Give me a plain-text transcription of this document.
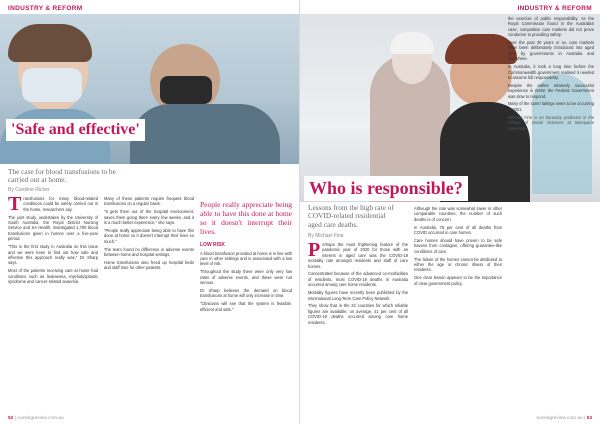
INDUSTRY & REFORM
'Safe and effective'
The case for blood transfusions to be carried out at home.
By Caroline Richer

Transfusions for many blood-related conditions could be safely carried out in the home, researchers say.

The joint study, undertaken by the University of South Australia, the Royal District Nursing Service and SA Health, investigated 1,700 blood transfusions given in homes over a five-year period.

"This is the first study in Australia on this issue and we were keen to find out how safe and effective this approach really was," Dr Sharp says.

Most of the patients receiving care at home had conditions such as leukaemia, myelodysplastic syndrome and cancer-related anaemia.

Many of these patients require frequent blood transfusions on a regular basis.

"It gets them out of the hospital environment, saves them going there every few weeks, and it is a much better experience," she says.

"People really appreciate being able to have this done at home so it doesn't interrupt their lives so much."

The team found no difference in adverse events between home and hospital settings.

Home transfusions also freed up hospital beds and staff time for other patients.

People really appreciate being able to have this done at home so it doesn't interrupt their lives.
LOW RISK

A blood transfusion provided at home is in line with care in other settings and is associated with a low level of risk.

Throughout the study there were only very low rates of adverse events, and these were not serious.

Dr Sharp believes the demand on blood transfusions at home will only increase in time.

"Clinicians will see that the system is feasible, efficient and safe."

52 | nursingreview.com.au
INDUSTRY & REFORM
Who is responsible?
Lessons from the high rate of COVID-related residential aged care deaths.
By Michael Fine

Perhaps the most frightening feature of the pandemic year of 2020 for those with an interest in aged care was the COVID-19 mortality rate amongst residents and staff of care homes.

Concentrated because of the advanced co-morbidities of residents, most COVID-19 deaths in Australia occurred among care home residents.

Mortality figures have recently been published by the International Long-Term Care Policy Network.

They show that in the 22 countries for which reliable figures are available, on average, 41 per cent of all COVID-19 deaths occurred among care home residents.

Although the rate was somewhat lower in other comparable countries, the number of such deaths is of concern.

In Australia, 75 per cent of all deaths from COVID occurred in care homes.

Care homes should have proven to be safe havens from contagion, offering guarantee-like conditions of care.

The failure of the homes cannot be attributed to either the age or chronic illness of their residents.

One clear lesson appears to be the importance of clear government policy.

the exercise of public responsibility. As the Royal Commission found in the Australian case, competitive care markets did not prove conducive to providing safety.

Over the past 30 years or so, care markets have been deliberately introduced into aged care by governments in Australia and elsewhere.

In Australia, it took a long time before the Commonwealth government realised it needed to assume full responsibility.

Despite the earlier relatively successful experience in NSW, the Federal Government was slow to respond.

Many of the same failings seem to be occurring in 2021.

Michael Fine is an honorary professor in the School of Social Sciences at Macquarie University.

nursingreview.com.au | 53
